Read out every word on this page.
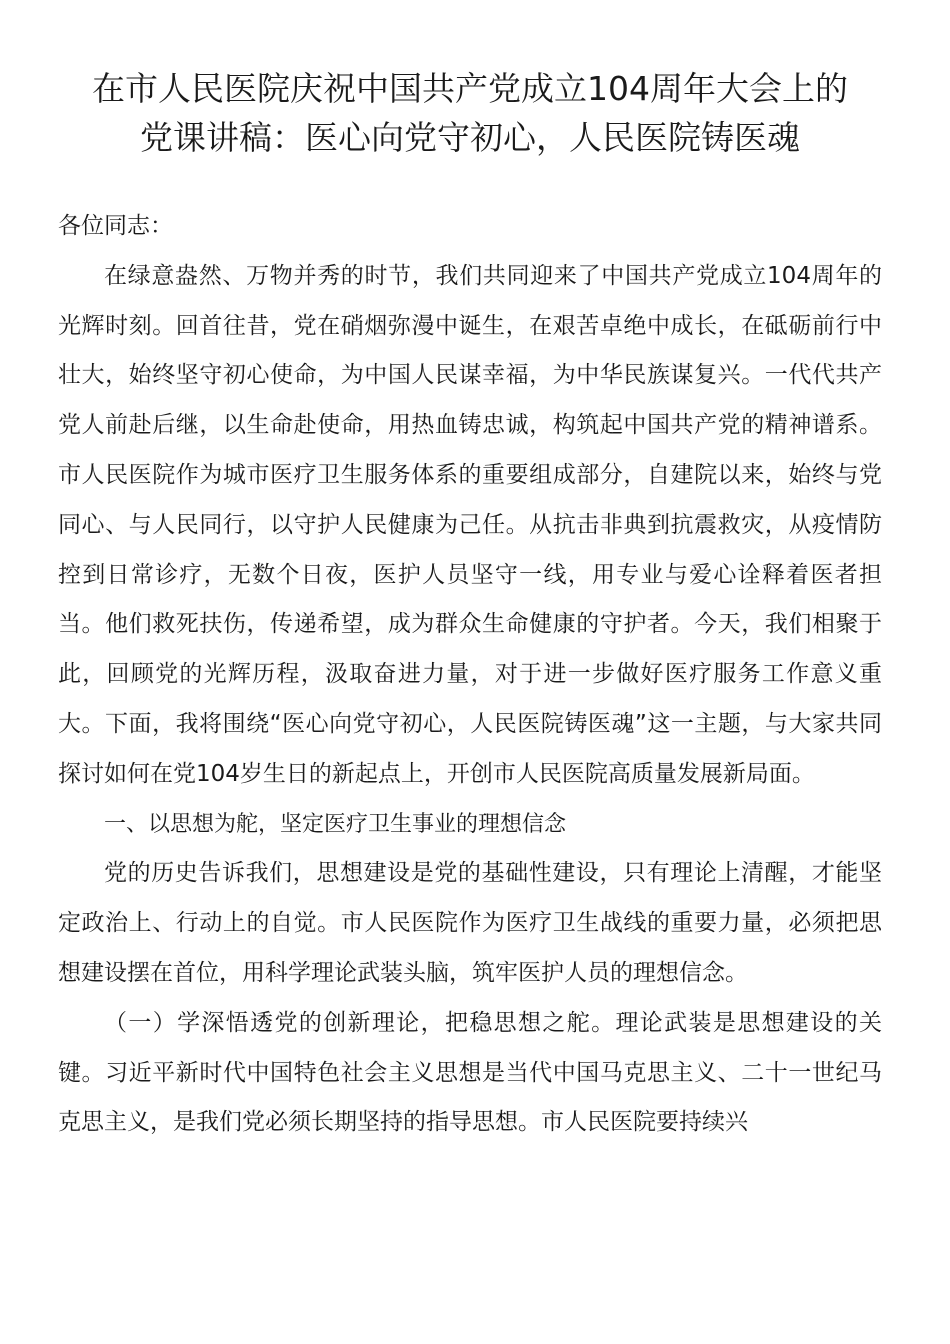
在市人民医院庆祝中国共产党成立104周年大会上的
党课讲稿：医心向党守初心，人民医院铸医魂

各位同志：

在绿意盎然、万物并秀的时节，我们共同迎来了中国共产党成立104周年的光辉时刻。回首往昔，党在硝烟弥漫中诞生，在艰苦卓绝中成长，在砥砺前行中壮大，始终坚守初心使命，为中国人民谋幸福，为中华民族谋复兴。一代代共产党人前赴后继，以生命赴使命，用热血铸忠诚，构筑起中国共产党的精神谱系。市人民医院作为城市医疗卫生服务体系的重要组成部分，自建院以来，始终与党同心、与人民同行，以守护人民健康为己任。从抗击非典到抗震救灾，从疫情防控到日常诊疗，无数个日夜，医护人员坚守一线，用专业与爱心诠释着医者担当。他们救死扶伤，传递希望，成为群众生命健康的守护者。今天，我们相聚于此，回顾党的光辉历程，汲取奋进力量，对于进一步做好医疗服务工作意义重大。下面，我将围绕“医心向党守初心，人民医院铸医魂”这一主题，与大家共同探讨如何在党104岁生日的新起点上，开创市人民医院高质量发展新局面。

一、以思想为舵，坚定医疗卫生事业的理想信念

党的历史告诉我们，思想建设是党的基础性建设，只有理论上清醒，才能坚定政治上、行动上的自觉。市人民医院作为医疗卫生战线的重要力量，必须把思想建设摆在首位，用科学理论武装头脑，筑牢医护人员的理想信念。

（一）学深悟透党的创新理论，把稳思想之舵。理论武装是思想建设的关键。习近平新时代中国特色社会主义思想是当代中国马克思主义、二十一世纪马克思主义，是我们党必须长期坚持的指导思想。市人民医院要持续兴
